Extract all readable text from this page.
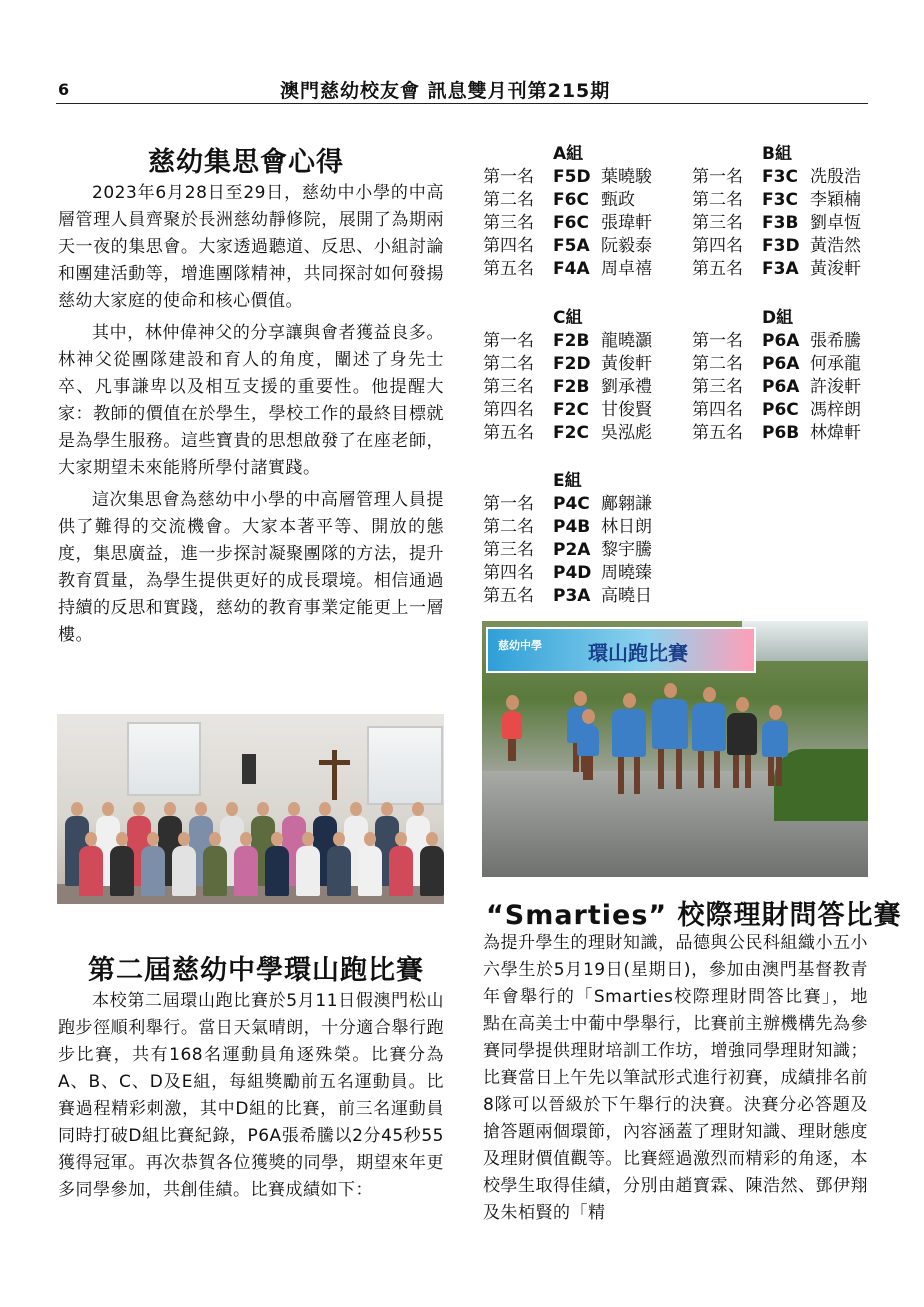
6	澳門慈幼校友會 訊息雙月刊第215期
慈幼集思會心得

2023年6月28日至29日，慈幼中小學的中高層管理人員齊聚於長洲慈幼靜修院，展開了為期兩天一夜的集思會。大家透過聽道、反思、小組討論和團建活動等，增進團隊精神，共同探討如何發揚慈幼大家庭的使命和核心價值。

其中，林仲偉神父的分享讓與會者獲益良多。林神父從團隊建設和育人的角度，闡述了身先士卒、凡事謙卑以及相互支援的重要性。他提醒大家：教師的價值在於學生，學校工作的最終目標就是為學生服務。這些寶貴的思想啟發了在座老師，大家期望未來能將所學付諸實踐。

這次集思會為慈幼中小學的中高層管理人員提供了難得的交流機會。大家本著平等、開放的態度，集思廣益，進一步探討凝聚團隊的方法，提升教育質量，為學生提供更好的成長環境。相信通過持續的反思和實踐，慈幼的教育事業定能更上一層樓。

第二屆慈幼中學環山跑比賽

本校第二屆環山跑比賽於5月11日假澳門松山跑步徑順利舉行。當日天氣晴朗，十分適合舉行跑步比賽，共有168名運動員角逐殊榮。比賽分為A、B、C、D及E組，每組獎勵前五名運動員。比賽過程精彩刺激，其中D組的比賽，前三名運動員同時打破D組比賽紀錄，P6A張希騰以2分45秒55獲得冠軍。再次恭賀各位獲獎的同學，期望來年更多同學參加，共創佳績。比賽成績如下：

A組
第一名 F5D 葉曉駿
第二名 F6C 甄政
第三名 F6C 張瑋軒
第四名 F5A 阮毅泰
第五名 F4A 周卓禧
B組
第一名 F3C 冼殷浩
第二名 F3C 李穎楠
第三名 F3B 劉卓恆
第四名 F3D 黃浩然
第五名 F3A 黃浚軒
C組
第一名 F2B 龍曉灝
第二名 F2D 黃俊軒
第三名 F2B 劉承禮
第四名 F2C 甘俊賢
第五名 F2C 吳泓彪
D組
第一名 P6A 張希騰
第二名 P6A 何承龍
第三名 P6A 許浚軒
第四名 P6C 馮梓朗
第五名 P6B 林煒軒
E組
第一名 P4C 鄺翱謙
第二名 P4B 林日朗
第三名 P2A 黎宇騰
第四名 P4D 周曉臻
第五名 P3A 高曉日
慈幼中學 環山跑比賽
“Smarties” 校際理財問答比賽

為提升學生的理財知識，品德與公民科組織小五小六學生於5月19日(星期日)，參加由澳門基督教青年會舉行的「Smarties校際理財問答比賽」，地點在高美士中葡中學舉行，比賽前主辦機構先為參賽同學提供理財培訓工作坊，增強同學理財知識；比賽當日上午先以筆試形式進行初賽，成績排名前8隊可以晉級於下午舉行的決賽。決賽分必答題及搶答題兩個環節，內容涵蓋了理財知識、理財態度及理財價值觀等。比賽經過激烈而精彩的角逐，本校學生取得佳績，分別由趙寶霖、陳浩然、鄧伊翔及朱栢賢的「精
